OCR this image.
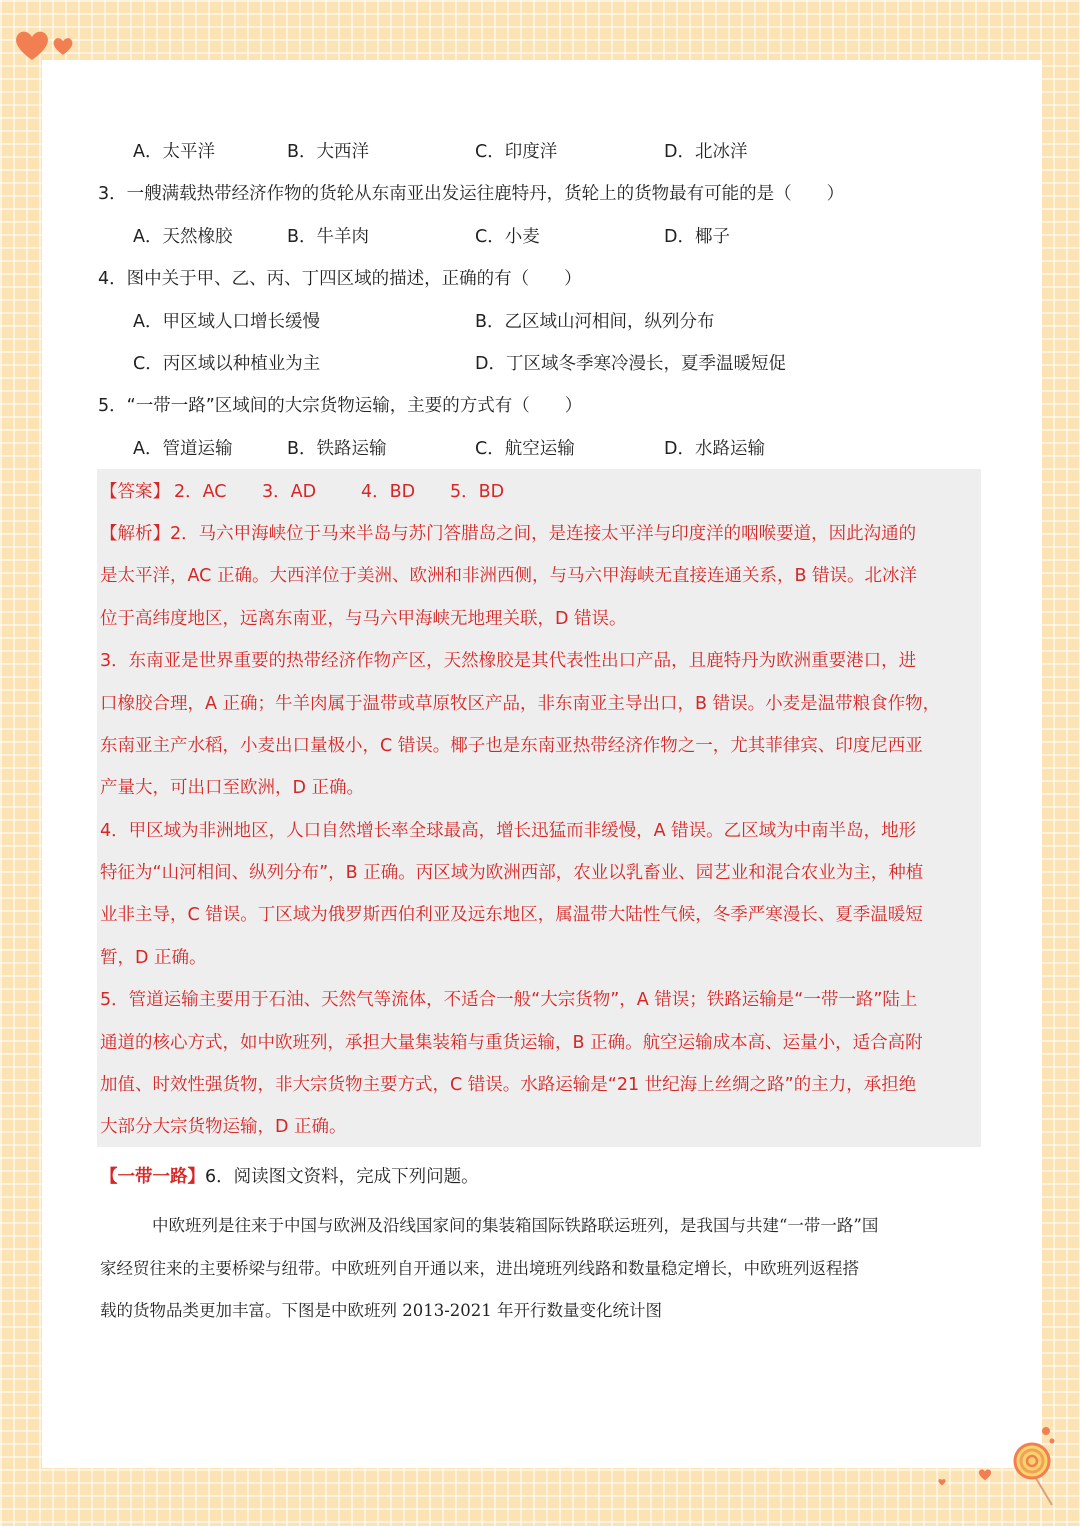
A．太平洋	B．大西洋	C．印度洋	D．北冰洋
3．一艘满载热带经济作物的货轮从东南亚出发运往鹿特丹，货轮上的货物最有可能的是（　　）
A．天然橡胶	B．牛羊肉	C．小麦	D．椰子
4．图中关于甲、乙、丙、丁四区域的描述，正确的有（　　）
A．甲区域人口增长缓慢	B．乙区域山河相间，纵列分布
C．丙区域以种植业为主	D．丁区域冬季寒冷漫长，夏季温暖短促
5．“一带一路”区域间的大宗货物运输，主要的方式有（　　）
A．管道运输	B．铁路运输	C．航空运输	D．水路运输
【答案】 2．AC 3．AD	4．BD 5．BD
【解析】2．马六甲海峡位于马来半岛与苏门答腊岛之间，是连接太平洋与印度洋的咽喉要道，因此沟通的
是太平洋，AC 正确。大西洋位于美洲、欧洲和非洲西侧，与马六甲海峡无直接连通关系，B 错误。北冰洋
位于高纬度地区，远离东南亚，与马六甲海峡无地理关联，D 错误。
3．东南亚是世界重要的热带经济作物产区，天然橡胶是其代表性出口产品，且鹿特丹为欧洲重要港口，进
口橡胶合理，A 正确；牛羊肉属于温带或草原牧区产品，非东南亚主导出口，B 错误。小麦是温带粮食作物，
东南亚主产水稻，小麦出口量极小，C 错误。椰子也是东南亚热带经济作物之一，尤其菲律宾、印度尼西亚
产量大，可出口至欧洲，D 正确。
4．甲区域为非洲地区，人口自然增长率全球最高，增长迅猛而非缓慢，A 错误。乙区域为中南半岛，地形
特征为“山河相间、纵列分布”，B 正确。丙区域为欧洲西部，农业以乳畜业、园艺业和混合农业为主，种植
业非主导，C 错误。丁区域为俄罗斯西伯利亚及远东地区，属温带大陆性气候，冬季严寒漫长、夏季温暖短
暂，D 正确。
5．管道运输主要用于石油、天然气等流体，不适合一般“大宗货物”，A 错误；铁路运输是“一带一路”陆上
通道的核心方式，如中欧班列，承担大量集装箱与重货运输，B 正确。航空运输成本高、运量小，适合高附
加值、时效性强货物，非大宗货物主要方式，C 错误。水路运输是“21 世纪海上丝绸之路”的主力，承担绝
大部分大宗货物运输，D 正确。
【一带一路】6．阅读图文资料，完成下列问题。
中欧班列是往来于中国与欧洲及沿线国家间的集装箱国际铁路联运班列，是我国与共建“一带一路”国
家经贸往来的主要桥梁与纽带。中欧班列自开通以来，进出境班列线路和数量稳定增长，中欧班列返程搭
载的货物品类更加丰富。下图是中欧班列 2013-2021 年开行数量变化统计图
